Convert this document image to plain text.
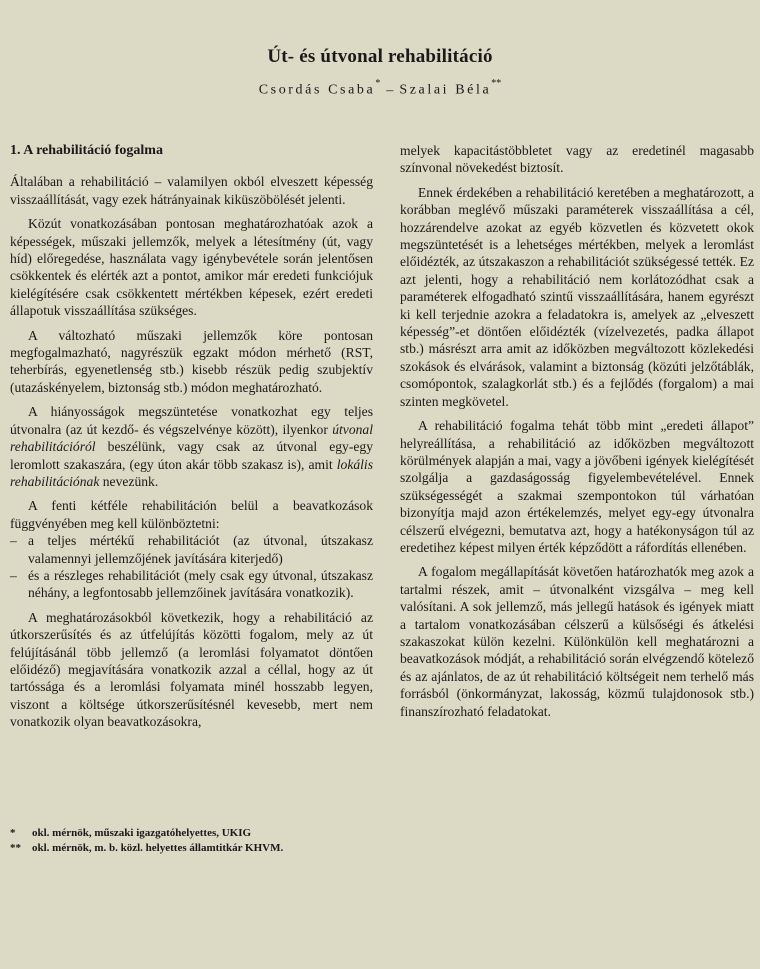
Út- és útvonal rehabilitáció
Csordás Csaba* – Szalai Béla**
1. A rehabilitáció fogalma

Általában a rehabilitáció – valamilyen okból elveszett képesség visszaállítását, vagy ezek hátrányainak kiküszöbölését jelenti.

Közút vonatkozásában pontosan meghatározhatóak azok a képességek, műszaki jellemzők, melyek a létesítmény (út, vagy híd) előregedése, használata vagy igénybevétele során jelentősen csökkentek és elérték azt a pontot, amikor már eredeti funkciójuk kielégítésére csak csökkentett mértékben képesek, ezért eredeti állapotuk visszaállítása szükséges.

A változható műszaki jellemzők köre pontosan megfogalmazható, nagyrészük egzakt módon mérhető (RST, teherbírás, egyenetlenség stb.) kisebb részük pedig szubjektív (utazáskényelem, biztonság stb.) módon meghatározható.

A hiányosságok megszüntetése vonatkozhat egy teljes útvonalra (az út kezdő- és végszelvénye között), ilyenkor útvonal rehabilitációról beszélünk, vagy csak az útvonal egy-egy leromlott szakaszára, (egy úton akár több szakasz is), amit lokális rehabilitációnak nevezünk.

A fenti kétféle rehabilitáción belül a beavatkozások függvényében meg kell különböztetni:

– a teljes mértékű rehabilitációt (az útvonal, útszakasz valamennyi jellemzőjének javítására kiterjedő)
– és a részleges rehabilitációt (mely csak egy útvonal, útszakasz néhány, a legfontosabb jellemzőinek javítására vonatkozik).

A meghatározásokból következik, hogy a rehabilitáció az útkorszerűsítés és az útfelújítás közötti fogalom, mely az út felújításánál több jellemző (a leromlási folyamatot döntően előidéző) megjavítására vonatkozik azzal a céllal, hogy az út tartóssága és a leromlási folyamata minél hosszabb legyen, viszont a költsége útkorszerűsítésnél kevesebb, mert nem vonatkozik olyan beavatkozásokra,

melyek kapacitástöbbletet vagy az eredetinél magasabb színvonal növekedést biztosít.

Ennek érdekében a rehabilitáció keretében a meghatározott, a korábban meglévő műszaki paraméterek visszaállítása a cél, hozzárendelve azokat az egyéb közvetlen és közvetett okok megszüntetését is a lehetséges mértékben, melyek a leromlást előidézték, az útszakaszon a rehabilitációt szükségessé tették. Ez azt jelenti, hogy a rehabilitáció nem korlátozódhat csak a paraméterek elfogadható szintű visszaállítására, hanem egyrészt ki kell terjednie azokra a feladatokra is, amelyek az „elveszett képesség”-et döntően előidézték (vízelvezetés, padka állapot stb.) másrészt arra amit az időközben megváltozott közlekedési szokások és elvárások, valamint a biztonság (közúti jelzőtáblák, csomópontok, szalagkorlát stb.) és a fejlődés (forgalom) a mai szinten megkövetel.

A rehabilitáció fogalma tehát több mint „eredeti állapot” helyreállítása, a rehabilitáció az időközben megváltozott körülmények alapján a mai, vagy a jövőbeni igények kielégítését szolgálja a gazdaságosság figyelembevételével. Ennek szükségességét a szakmai szempontokon túl várhatóan bizonyítja majd azon értékelemzés, melyet egy-egy útvonalra célszerű elvégezni, bemutatva azt, hogy a hatékonyságon túl az eredetihez képest milyen érték képződött a ráfordítás ellenében.

A fogalom megállapítását követően határozhatók meg azok a tartalmi részek, amit – útvonalként vizsgálva – meg kell valósítani. A sok jellemző, más jellegű hatások és igények miatt a tartalom vonatkozásában célszerű a külsőségi és átkelési szakaszokat külön kezelni. Különkülön kell meghatározni a beavatkozások módját, a rehabilitáció során elvégzendő kötelező és az ajánlatos, de az út rehabilitáció költségeit nem terhelő más forrásból (önkormányzat, lakosság, közmű tulajdonosok stb.) finanszírozható feladatokat.

*	okl. mérnök, műszaki igazgatóhelyettes, UKIG
**	okl. mérnök, m. b. közl. helyettes államtitkár KHVM.
